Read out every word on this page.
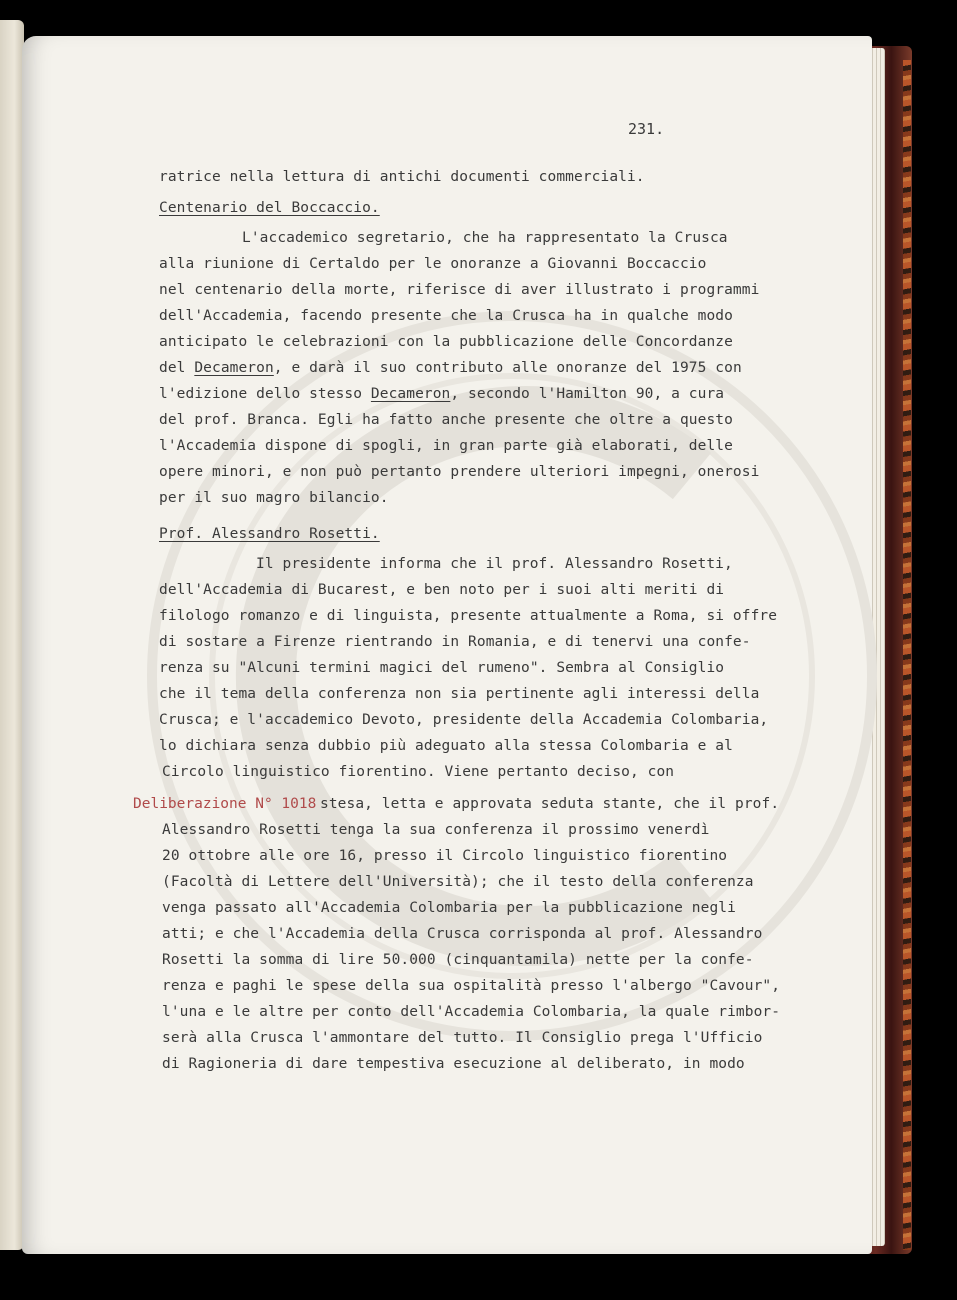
231.
ratrice nella lettura di antichi documenti commerciali.
Centenario del Boccaccio.
L'accademico segretario, che ha rappresentato la Crusca
alla riunione di Certaldo per le onoranze a Giovanni Boccaccio
nel centenario della morte, riferisce di aver illustrato i programmi
dell'Accademia, facendo presente che la Crusca ha in qualche modo
anticipato le celebrazioni con la pubblicazione delle Concordanze
del Decameron, e darà il suo contributo alle onoranze del 1975 con
l'edizione dello stesso Decameron, secondo l'Hamilton 90, a cura
del prof. Branca. Egli ha fatto anche presente che oltre a questo
l'Accademia dispone di spogli, in gran parte già elaborati, delle
opere minori, e non può pertanto prendere ulteriori impegni, onerosi
per il suo magro bilancio.
Prof. Alessandro Rosetti.
Il presidente informa che il prof. Alessandro Rosetti,
dell'Accademia di Bucarest, e ben noto per i suoi alti meriti di
filologo romanzo e di linguista, presente attualmente a Roma, si offre
di sostare a Firenze rientrando in Romania, e di tenervi una confe-
renza su "Alcuni termini magici del rumeno". Sembra al Consiglio
che il tema della conferenza non sia pertinente agli interessi della
Crusca; e l'accademico Devoto, presidente della Accademia Colombaria,
lo dichiara senza dubbio più adeguato alla stessa Colombaria e al
Circolo linguistico fiorentino. Viene pertanto deciso, con
Deliberazione N° 1018 stesa, letta e approvata seduta stante, che il prof.
Alessandro Rosetti tenga la sua conferenza il prossimo venerdì
20 ottobre alle ore 16, presso il Circolo linguistico fiorentino
(Facoltà di Lettere dell'Università); che il testo della conferenza
venga passato all'Accademia Colombaria per la pubblicazione negli
atti; e che l'Accademia della Crusca corrisponda al prof. Alessandro
Rosetti la somma di lire 50.000 (cinquantamila) nette per la confe-
renza e paghi le spese della sua ospitalità presso l'albergo "Cavour",
l'una e le altre per conto dell'Accademia Colombaria, la quale rimbor-
serà alla Crusca l'ammontare del tutto. Il Consiglio prega l'Ufficio
di Ragioneria di dare tempestiva esecuzione al deliberato, in modo
